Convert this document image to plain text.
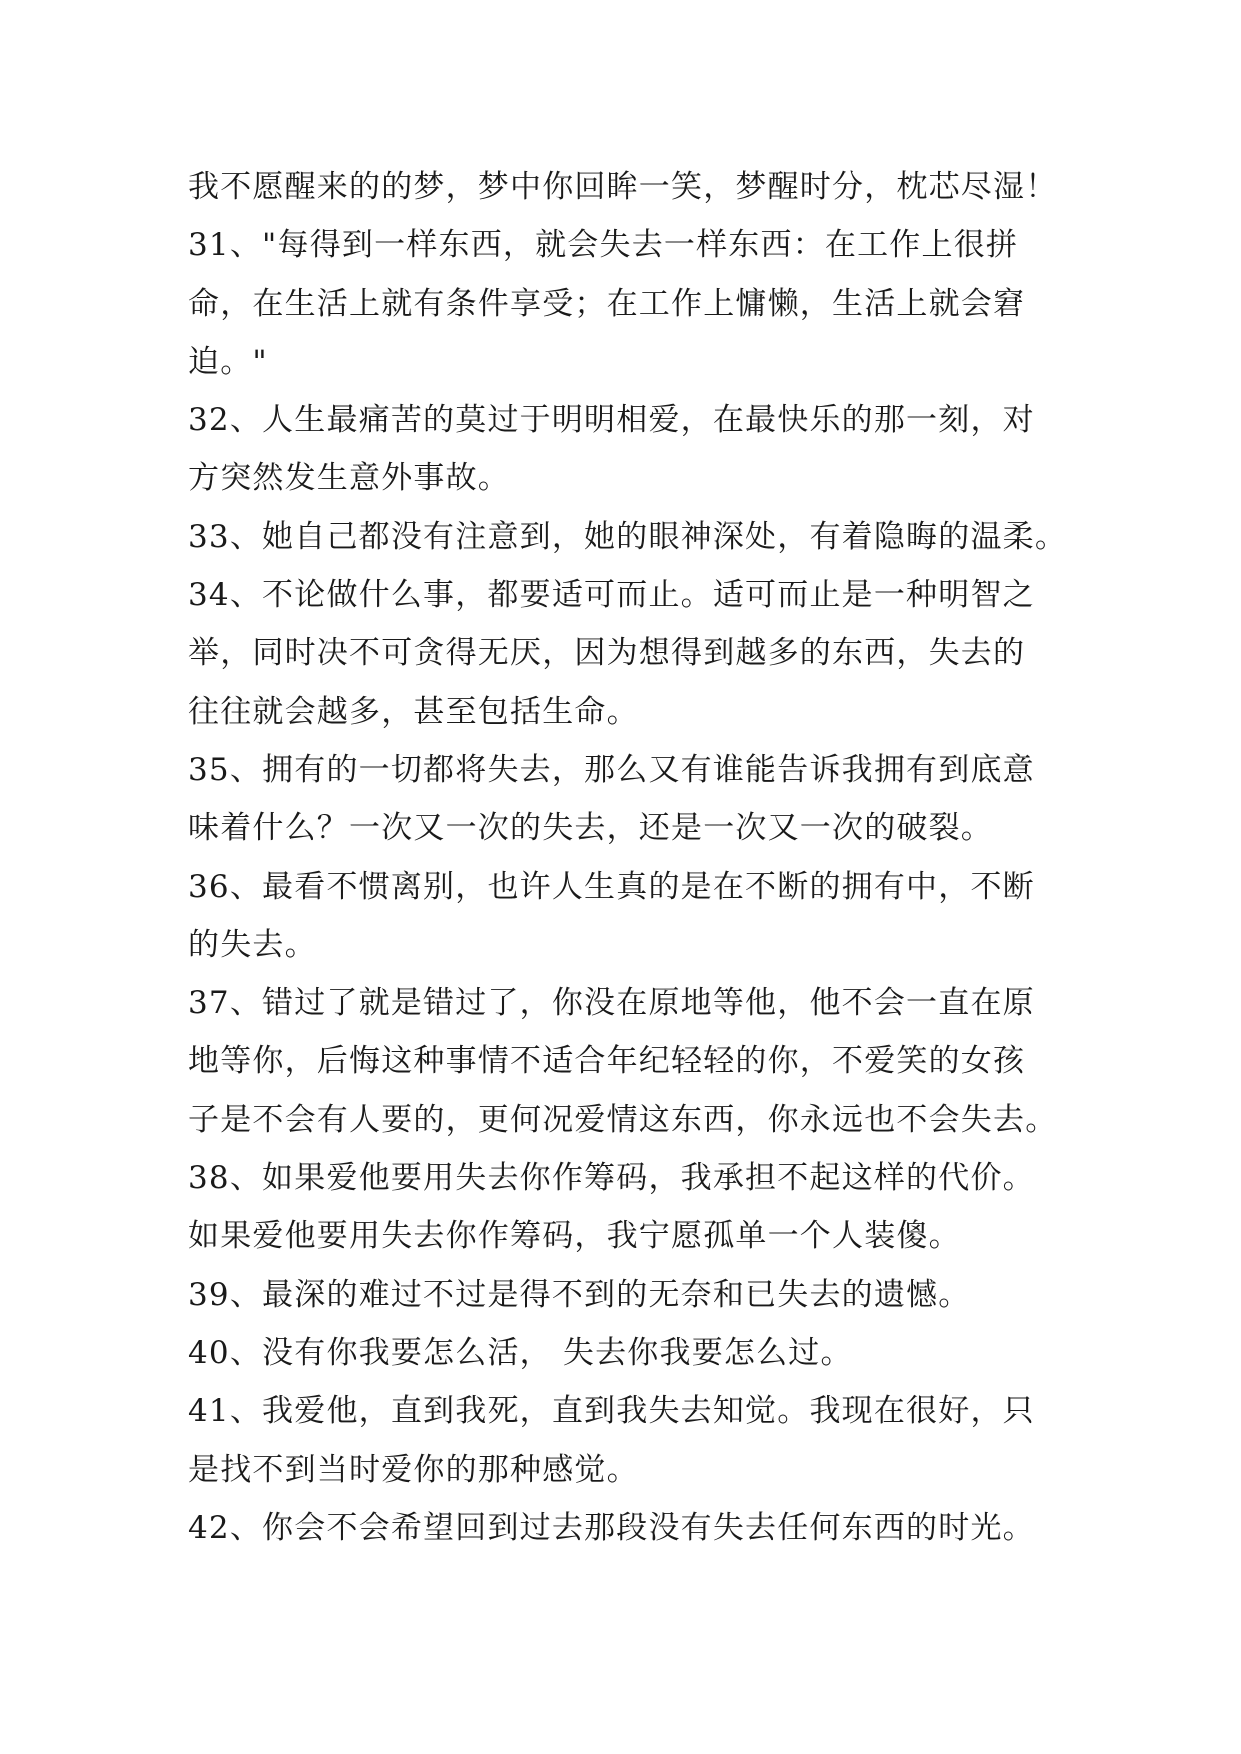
我不愿醒来的的梦，梦中你回眸一笑，梦醒时分，枕芯尽湿！
31、"每得到一样东西，就会失去一样东西：在工作上很拼
命，在生活上就有条件享受；在工作上慵懒，生活上就会窘
迫。"
32、人生最痛苦的莫过于明明相爱，在最快乐的那一刻，对
方突然发生意外事故。
33、她自己都没有注意到，她的眼神深处，有着隐晦的温柔。
34、不论做什么事，都要适可而止。适可而止是一种明智之
举，同时决不可贪得无厌，因为想得到越多的东西，失去的
往往就会越多，甚至包括生命。
35、拥有的一切都将失去，那么又有谁能告诉我拥有到底意
味着什么？一次又一次的失去，还是一次又一次的破裂。
36、最看不惯离别，也许人生真的是在不断的拥有中，不断
的失去。
37、错过了就是错过了，你没在原地等他，他不会一直在原
地等你，后悔这种事情不适合年纪轻轻的你，不爱笑的女孩
子是不会有人要的，更何况爱情这东西，你永远也不会失去。
38、如果爱他要用失去你作筹码，我承担不起这样的代价。
如果爱他要用失去你作筹码，我宁愿孤单一个人装傻。
39、最深的难过不过是得不到的无奈和已失去的遗憾。
40、没有你我要怎么活， 失去你我要怎么过。
41、我爱他，直到我死，直到我失去知觉。我现在很好，只
是找不到当时爱你的那种感觉。
42、你会不会希望回到过去那段没有失去任何东西的时光。
